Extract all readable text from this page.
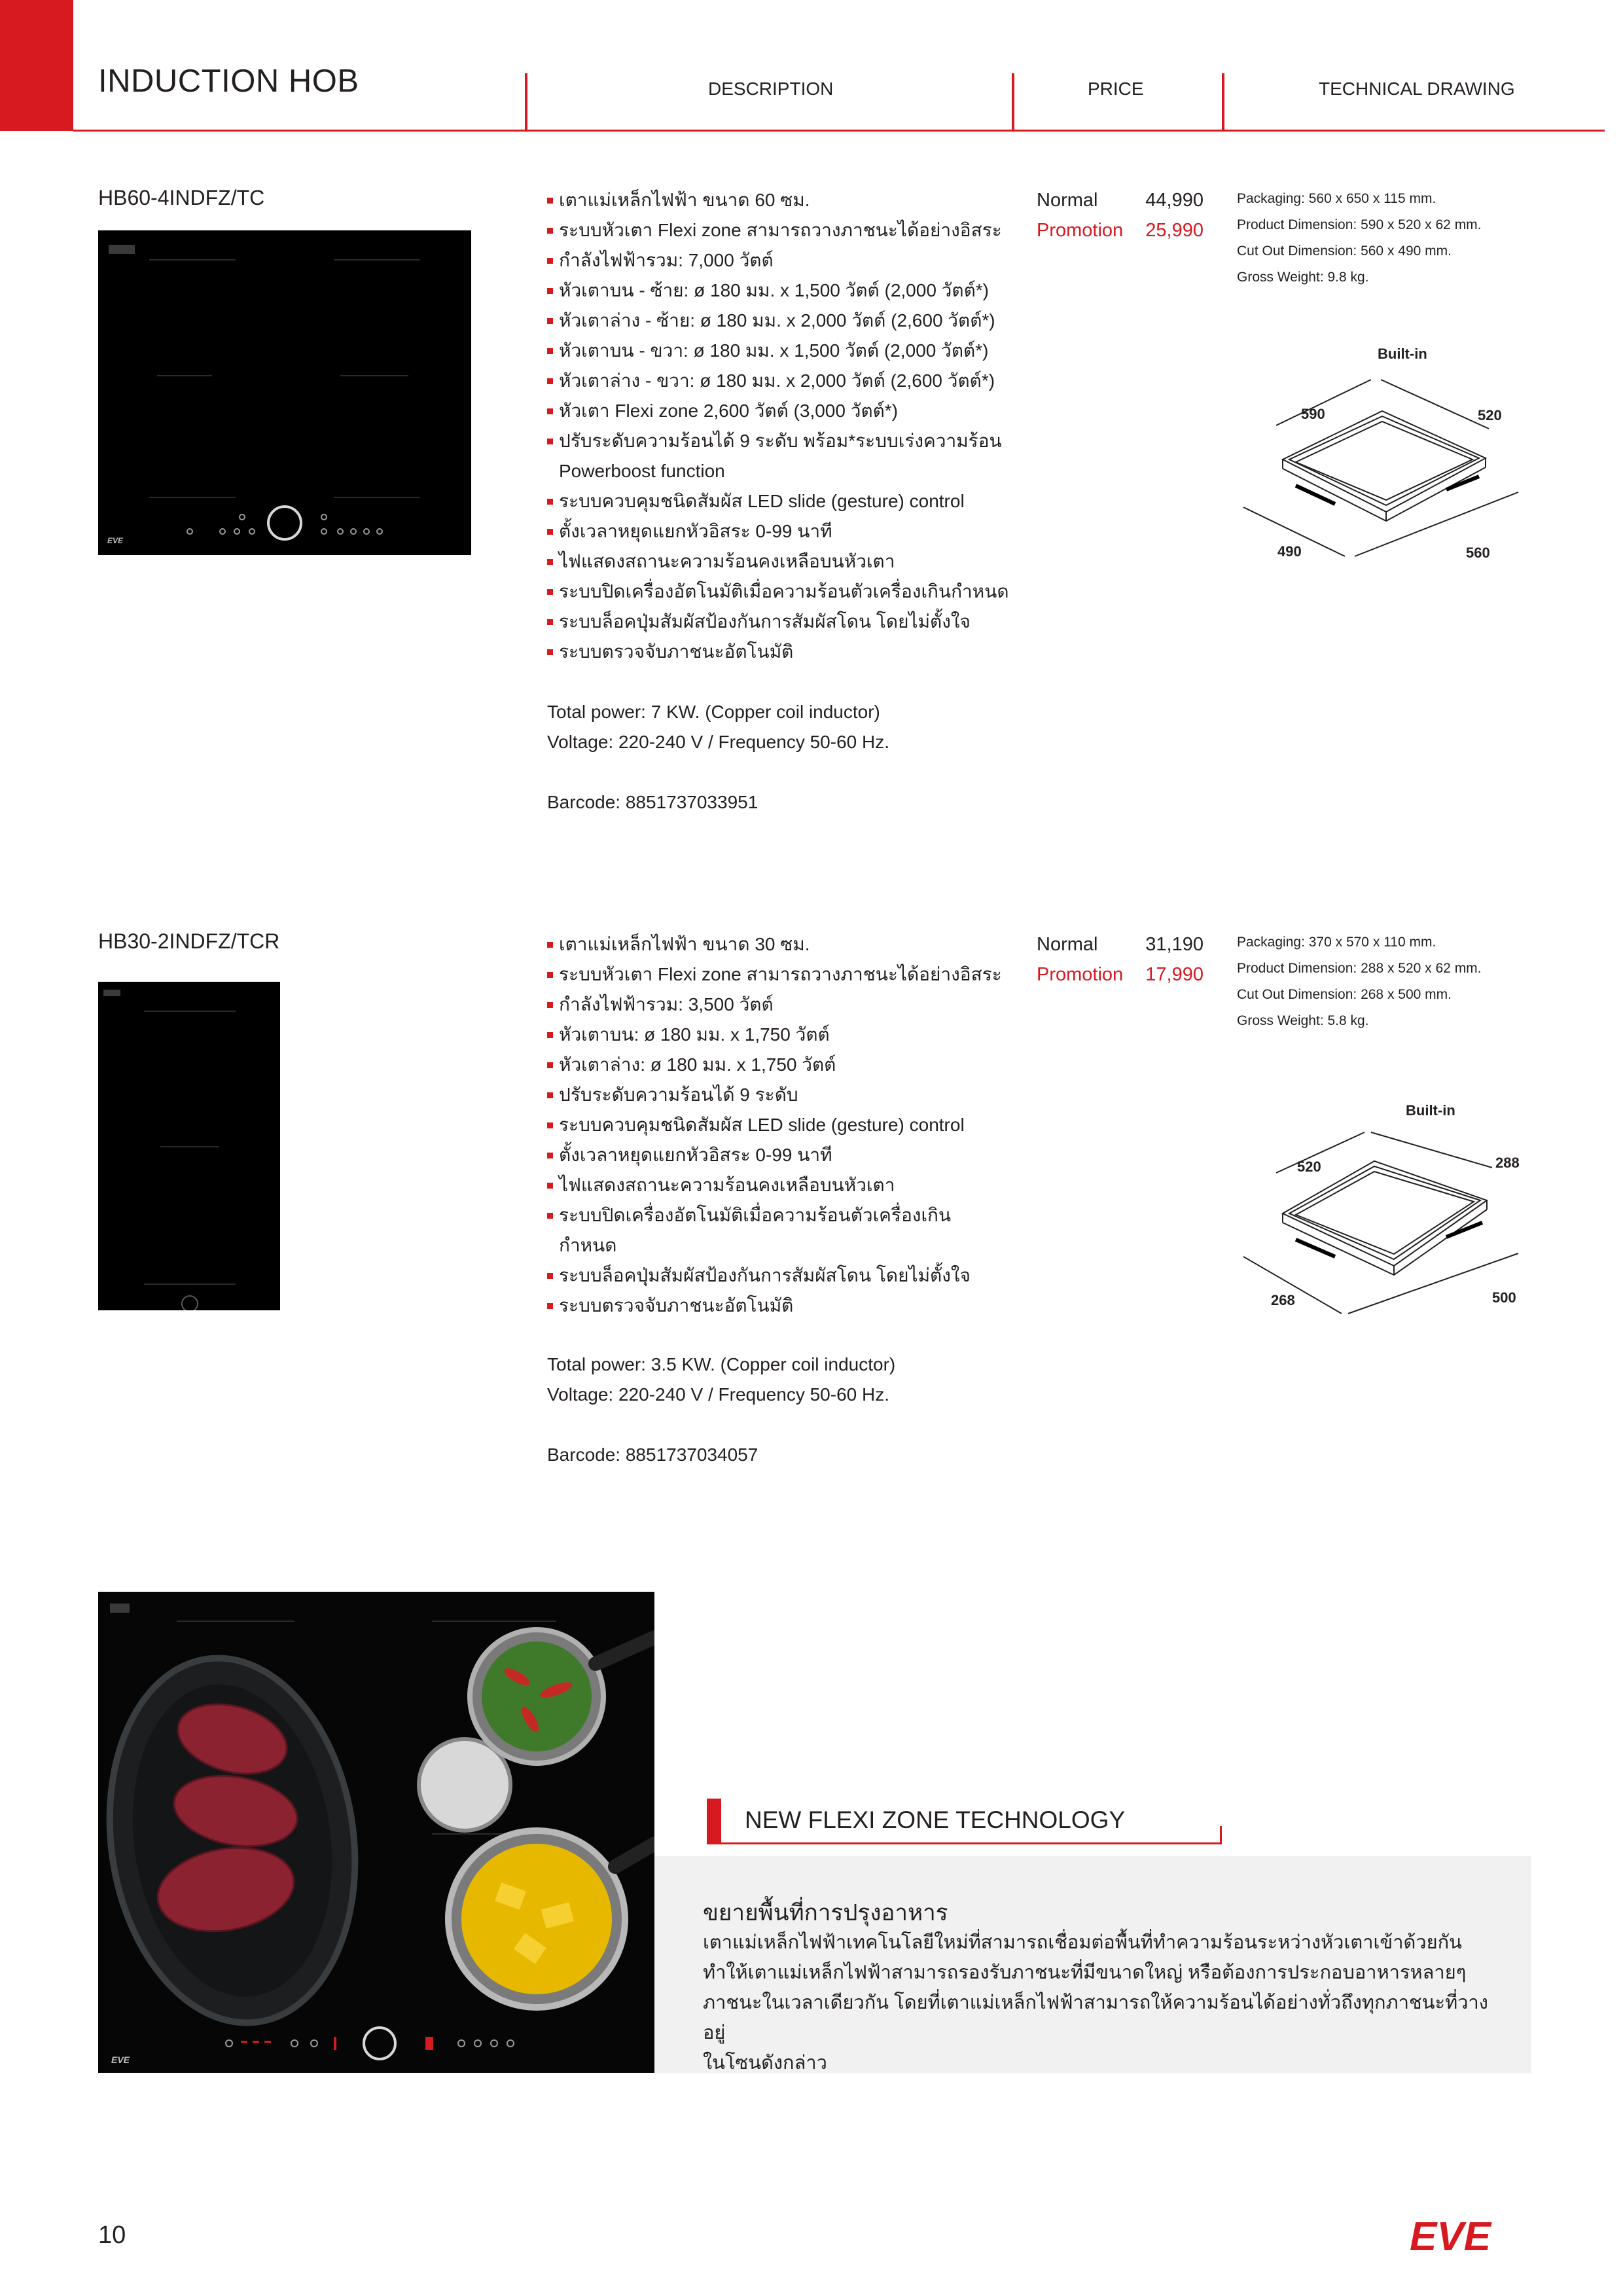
INDUCTION HOB	DESCRIPTION	PRICE	TECHNICAL DRAWING
HB60-4INDFZ/TC
EVE
เตาแม่เหล็กไฟฟ้า ขนาด 60 ซม.
ระบบหัวเตา Flexi zone สามารถวางภาชนะได้อย่างอิสระ
กำลังไฟฟ้ารวม: 7,000 วัตต์
หัวเตาบน - ซ้าย: ø 180 มม. x 1,500 วัตต์ (2,000 วัตต์*)
หัวเตาล่าง - ซ้าย: ø 180 มม. x 2,000 วัตต์ (2,600 วัตต์*)
หัวเตาบน - ขวา: ø 180 มม. x 1,500 วัตต์ (2,000 วัตต์*)
หัวเตาล่าง - ขวา: ø 180 มม. x 2,000 วัตต์ (2,600 วัตต์*)
หัวเตา Flexi zone 2,600 วัตต์ (3,000 วัตต์*)
ปรับระดับความร้อนได้ 9 ระดับ พร้อม*ระบบเร่งความร้อน
Powerboost function
ระบบควบคุมชนิดสัมผัส LED slide (gesture) control
ตั้งเวลาหยุดแยกหัวอิสระ 0-99 นาที
ไฟแสดงสถานะความร้อนคงเหลือบนหัวเตา
ระบบปิดเครื่องอัตโนมัติเมื่อความร้อนตัวเครื่องเกินกำหนด
ระบบล็อคปุ่มสัมผัสป้องกันการสัมผัสโดน โดยไม่ตั้งใจ
ระบบตรวจจับภาชนะอัตโนมัติ
Total power: 7 KW. (Copper coil inductor)
Voltage: 220-240 V / Frequency 50-60 Hz.
Barcode: 8851737033951
Normal	44,990
Promotion 25,990
Packaging: 560 x 650 x 115 mm.
Product Dimension: 590 x 520 x 62 mm.
Cut Out Dimension: 560 x 490 mm.
Gross Weight: 9.8 kg.
Built-in
590	520
490	560
HB30-2INDFZ/TCR	เตาแม่เหล็กไฟฟ้า ขนาด 30 ซม.
ระบบหัวเตา Flexi zone สามารถวางภาชนะได้อย่างอิสระ
กำลังไฟฟ้ารวม: 3,500 วัตต์
หัวเตาบน: ø 180 มม. x 1,750 วัตต์
หัวเตาล่าง: ø 180 มม. x 1,750 วัตต์
ปรับระดับความร้อนได้ 9 ระดับ
ระบบควบคุมชนิดสัมผัส LED slide (gesture) control
ตั้งเวลาหยุดแยกหัวอิสระ 0-99 นาที
ไฟแสดงสถานะความร้อนคงเหลือบนหัวเตา
ระบบปิดเครื่องอัตโนมัติเมื่อความร้อนตัวเครื่องเกิน
กำหนด
ระบบล็อคปุ่มสัมผัสป้องกันการสัมผัสโดน โดยไม่ตั้งใจ
ระบบตรวจจับภาชนะอัตโนมัติ
Total power: 3.5 KW. (Copper coil inductor)
Voltage: 220-240 V / Frequency 50-60 Hz.
Barcode: 8851737034057
Normal	31,190
Promotion 17,990
Packaging: 370 x 570 x 110 mm.
Product Dimension: 288 x 520 x 62 mm.
Cut Out Dimension: 268 x 500 mm.
Gross Weight: 5.8 kg.
Built-in
520	288
268	500
EVE
NEW FLEXI ZONE TECHNOLOGY
ขยายพื้นที่การปรุงอาหาร
เตาแม่เหล็กไฟฟ้าเทคโนโลยีใหม่ที่สามารถเชื่อมต่อพื้นที่ทำความร้อนระหว่างหัวเตาเข้าด้วยกัน
ทำให้เตาแม่เหล็กไฟฟ้าสามารถรองรับภาชนะที่มีขนาดใหญ่ หรือต้องการประกอบอาหารหลายๆ
ภาชนะในเวลาเดียวกัน โดยที่เตาแม่เหล็กไฟฟ้าสามารถให้ความร้อนได้อย่างทั่วถึงทุกภาชนะที่วางอยู่
ในโซนดังกล่าว
10	EVE
